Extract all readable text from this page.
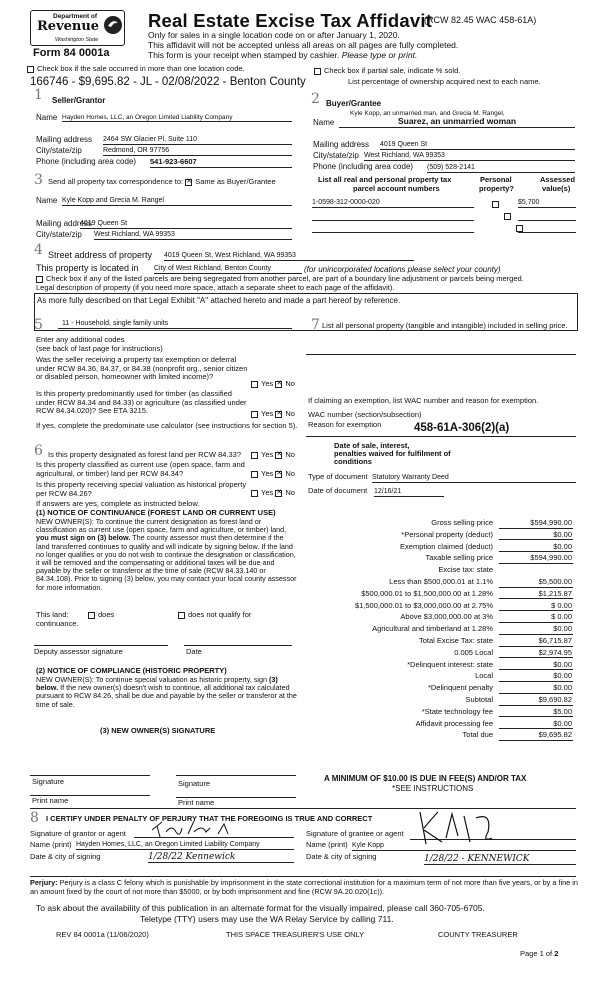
Department of
Revenue
Washington State
Form 84 0001a
Real Estate Excise Tax Affidavit
(RCW 82.45 WAC 458-61A)
Only for sales in a single location code on or after January 1, 2020.
This affidavit will not be accepted unless all areas on all pages are fully completed.
This form is your receipt when stamped by cashier. Please type or print.
Check box if the sale occurred in more than one location code.	Check box if partial sale, indicate % sold.
List percentage of ownership acquired next to each name.
166746 - $9,695.82 - JL - 02/08/2022 - Benton County
1 Seller/Grantor
Name Hayden Homes, LLC, an Oregon Limited Liability Company
Mailing address 2464 SW Glacier Pl, Suite 110
City/state/zip	Redmond, OR 97756
Phone (including area code) 541-923-6607
2 Buyer/Grantee
Kyle Kopp, an unmarried man, and Grecia M. Rangel,
Name	Suarez, an unmarried woman
Mailing address 4019 Queen St
City/state/zip West Richland, WA 99353
Phone (including area code) (509) 528-2141
3 Send all property tax correspondence to: ✕ Same as Buyer/Grantee
Name Kyle Kopp and Grecia M. Rangel
Mailing address
4019 Queen St
City/state/zip West Richland, WA 99353
List all real and personal property tax
parcel account numbers
Personal
property?
Assessed
value(s)
1-0598-312-0000-020
	$5,700
4 Street address of property 4019 Queen St, West Richland, WA 99353
This property is located in City of West Richland, Benton County	(for unincorporated locations please select your county)
Check box if any of the listed parcels are being segregated from another parcel, are part of a boundary line adjustment or parcels being merged.
Legal description of property (if you need more space, attach a separate sheet to each page of the affidavit).
As more fully described on that Legal Exhibit "A" attached hereto and made a part hereof by reference.
5	11 - Household, single family units
Enter any additional codes
(see back of last page for instructions)
Was the seller receiving a property tax exemption or deferral under RCW 84.36, 84.37, or 84.38 (nonprofit org., senior citizen or disabled person, homeowner with limited income)?
Yes ✕ No
Is this property predominantly used for timber (as classified under RCW 84.34 and 84.33) or agriculture (as classified under RCW 84.34.020)? See ETA 3215.	Yes ✕ No
If yes, complete the predominate use calculator (see instructions for section 5).
6 Is this property designated as forest land per RCW 84.33?	Yes ✕ No
Is this property classified as current use (open space, farm and agricultural, or timber) land per RCW 84.34?	Yes ✕ No
Is this property receiving special valuation as historical property per RCW 84.26?	Yes ✕ No
If answers are yes, complete as instructed below.
(1) NOTICE OF CONTINUANCE (FOREST LAND OR CURRENT USE)
NEW OWNER(S): To continue the current designation as forest land or classification as current use (open space, farm and agriculture, or timber) land, you must sign on (3) below. The county assessor must then determine if the land transferred continues to qualify and will indicate by signing below. If the land no longer qualifies or you do not wish to continue the designation or classification, it will be removed and the compensating or additional taxes will be due and payable by the seller or transferor at the time of sale (RCW 84.33.140 or 84.34.108). Prior to signing (3) below, you may contact your local county assessor for more information.
This land:
continuance.
does	does not qualify for
Deputy assessor signature	Date
(2) NOTICE OF COMPLIANCE (HISTORIC PROPERTY)
NEW OWNER(S): To continue special valuation as historic property, sign (3) below. If the new owner(s) doesn't wish to continue, all additional tax calculated pursuant to RCW 84.26, shall be due and payable by the seller or transferor at the time of sale.
(3) NEW OWNER(S) SIGNATURE
Signature	Signature
Print name	Print name
7 List all personal property (tangible and intangible) included in selling price.
If claiming an exemption, list WAC number and reason for exemption.
WAC number (section/subsection)
Reason for exemption	458-61A-306(2)(a)
Date of sale, interest,
penalties waived for fulfilment of
conditions
Type of document Statutory Warranty Deed
Date of document 12/16/21
Gross selling price	$594,990.00
*Personal property (deduct)	$0.00
Exemption claimed (deduct)	$0.00
Taxable selling price	$594,990.00
Excise tax: state
Less than $500,000.01 at 1.1%	$5,500.00
$500,000.01 to $1,500,000.00 at 1.28%	$1,215.87
$1,500,000.01 to $3,000,000.00 at 2.75%	$ 0.00
Above $3,000,000.00 at 3%	$ 0.00
Agricultural and timberland at 1.28%	$0.00
Total Excise Tax: state	$6,715.87
0.005 Local	$2,974.95
*Delinquent interest: state	$0.00
Local	$0.00
*Delinquent penalty	$0.00
Subtotal	$9,690.82
*State technology fee	$5.00
Affidavit processing fee	$0.00
Total due	$9,695.82
A MINIMUM OF $10.00 IS DUE IN FEE(S) AND/OR TAX
*SEE INSTRUCTIONS
8 I CERTIFY UNDER PENALTY OF PERJURY THAT THE FOREGOING IS TRUE AND CORRECT
Signature of grantor or agent
Name (print) Hayden Homes, LLC, an Oregon Limited Liability Company
Date & city of signing	1/28/22 Kennewick
Signature of grantee or agent
Name (print) Kyle Kopp
Date & city of signing	1/28/22 - KENNEWICK
Perjury: Perjury is a class C felony which is punishable by imprisonment in the state correctional institution for a maximum term of not more than five years, or by a fine in an amount fixed by the court of not more than $5000, or by both imprisonment and fine (RCW 9A.20.020(1c)).
To ask about the availability of this publication in an alternate format for the visually impaired, please call 360-705-6705.
Teletype (TTY) users may use the WA Relay Service by calling 711.
REV 84 0001a (11/06/2020)	THIS SPACE TREASURER'S USE ONLY	COUNTY TREASURER
Page 1 of 2
